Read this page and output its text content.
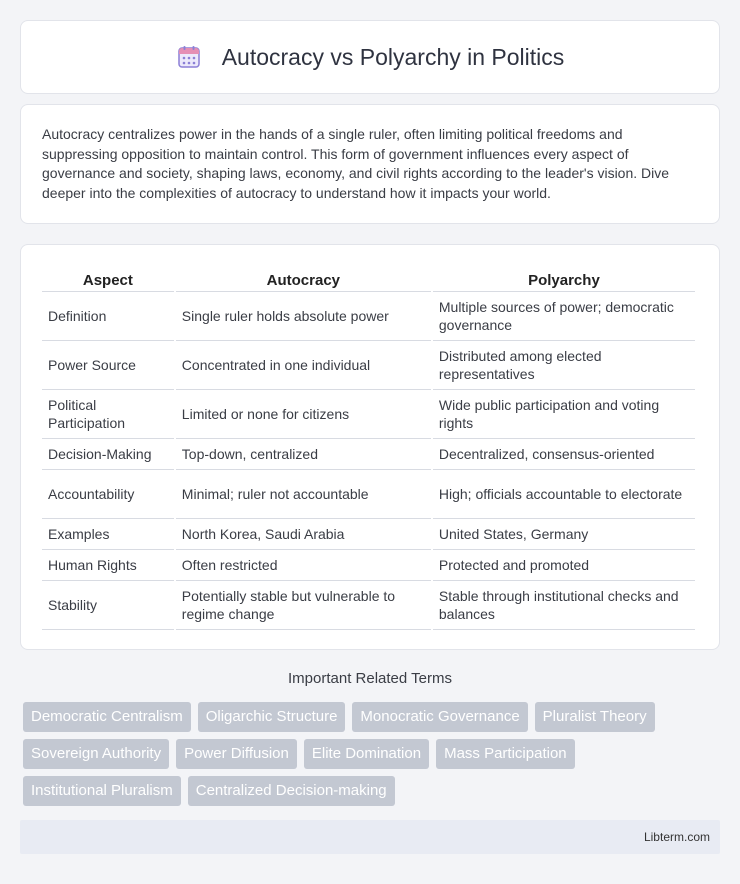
Autocracy vs Polyarchy in Politics

Autocracy centralizes power in the hands of a single ruler, often limiting political freedoms and suppressing opposition to maintain control. This form of government influences every aspect of governance and society, shaping laws, economy, and civil rights according to the leader's vision. Dive deeper into the complexities of autocracy to understand how it impacts your world.

Aspect	Autocracy	Polyarchy
Definition	Single ruler holds absolute power	Multiple sources of power; democratic governance
Power Source	Concentrated in one individual	Distributed among elected representatives
Political Participation	Limited or none for citizens	Wide public participation and voting rights
Decision-Making	Top-down, centralized	Decentralized, consensus-oriented
Accountability	Minimal; ruler not accountable	High; officials accountable to electorate
Examples	North Korea, Saudi Arabia	United States, Germany
Human Rights	Often restricted	Protected and promoted
Stability	Potentially stable but vulnerable to regime change	Stable through institutional checks and balances
Important Related Terms
Democratic Centralism	Oligarchic Structure	Monocratic Governance	Pluralist Theory
Sovereign Authority	Power Diffusion	Elite Domination	Mass Participation
Institutional Pluralism	Centralized Decision-making
Libterm.com
